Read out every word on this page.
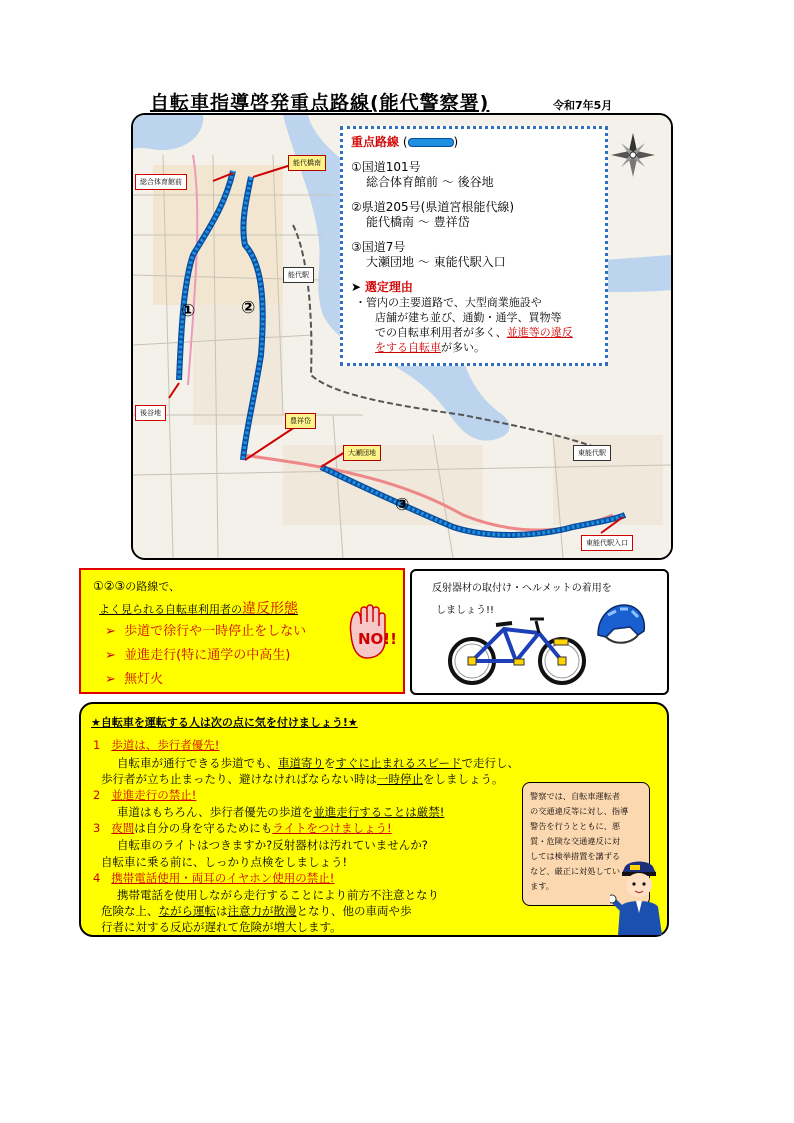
自転車指導啓発重点路線(能代警察署)	令和7年5月
①	②
③
総合体育館前
能代橋南
後谷地
豊祥岱
大瀬団地
東能代駅入口
能代駅
東能代駅
重点路線 (	)
①国道101号
総合体育館前 〜 後谷地
②県道205号(県道宮根能代線)
能代橋南 〜 豊祥岱
③国道7号
大瀬団地 〜 東能代駅入口
➤ 選定理由
・管内の主要道路で、大型商業施設や
店舗が建ち並び、通勤・通学、買物等
での自転車利用者が多く、並進等の違反
をする自転車が多い。
①②③の路線で、
よく見られる自転車利用者の違反形態
➢ 歩道で徐行や一時停止をしない
➢ 並進走行(特に通学の中高生)
➢ 無灯火
NO!!
反射器材の取付け・ヘルメットの着用を
しましょう!!
★自転車を運転する人は次の点に気を付けましょう!★
1 歩道は、歩行者優先!
自転車が通行できる歩道でも、車道寄りをすぐに止まれるスピードで走行し、
歩行者が立ち止まったり、避けなければならない時は一時停止をしましょう。
2 並進走行の禁止!
車道はもちろん、歩行者優先の歩道を並進走行することは厳禁!
3 夜間は自分の身を守るためにもライトをつけましょう!
自転車のライトはつきますか?反射器材は汚れていませんか?
自転車に乗る前に、しっかり点検をしましょう!
4 携帯電話使用・両耳のイヤホン使用の禁止!
携帯電話を使用しながら走行することにより前方不注意となり
危険な上、ながら運転は注意力が散漫となり、他の車両や歩
行者に対する反応が遅れて危険が増大します。
警察では、自転車運転者
の交通違反等に対し、指導
警告を行うとともに、悪
質・危険な交通違反に対
しては検挙措置を講ずる
など、厳正に対処してい
ます。
